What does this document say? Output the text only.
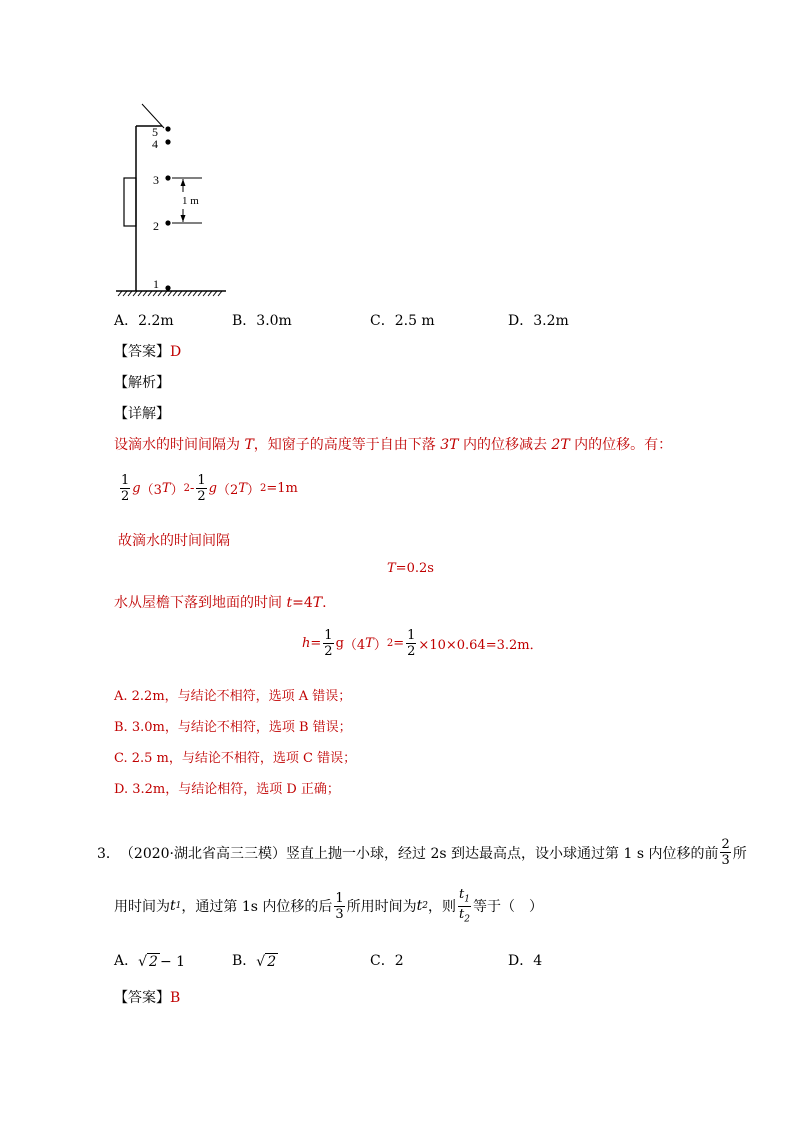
5
4
3
2
1
1 m
A．2.2m	B．3.0m	C．2.5 m	D．3.2m
【答案】D
【解析】
【详解】
设滴水的时间间隔为 T，知窗子的高度等于自由下落 3T 内的位移减去 2T 内的位移。有：
$\frac{1}{2}$ g （3 T ） $2 - \frac{1}{2}$ g （2 T ） 2 =1m
故滴水的时间间隔
T=0.2s
水从屋檐下落到地面的时间 t=4T.
$h = \frac{1}{2}$ g （4 T ） $2 = \frac{1}{2} \times 10\times 0.64=3.2m$．
A. 2.2m，与结论不相符，选项 A 错误；
B. 3.0m，与结论不相符，选项 B 错误；
C. 2.5 m，与结论不相符，选项 C 错误；
D. 3.2m，与结论相符，选项 D 正确；
3． （2020·湖北省高三三模） 竖直上抛一小球，经过 2s 到达最高点，设小球通过第 1 s 内位移的前 $\frac{2}{3}$ 所
用时间为 t 1 ，通过第 1s 内位移的后 $\frac{1}{3}$ 所用时间为 t 2 ，则 $\frac{t_1}{t_2}$ 等于（　）
A． √ 2 − 1	B． √ 2	C．2	D．4
【答案】B
